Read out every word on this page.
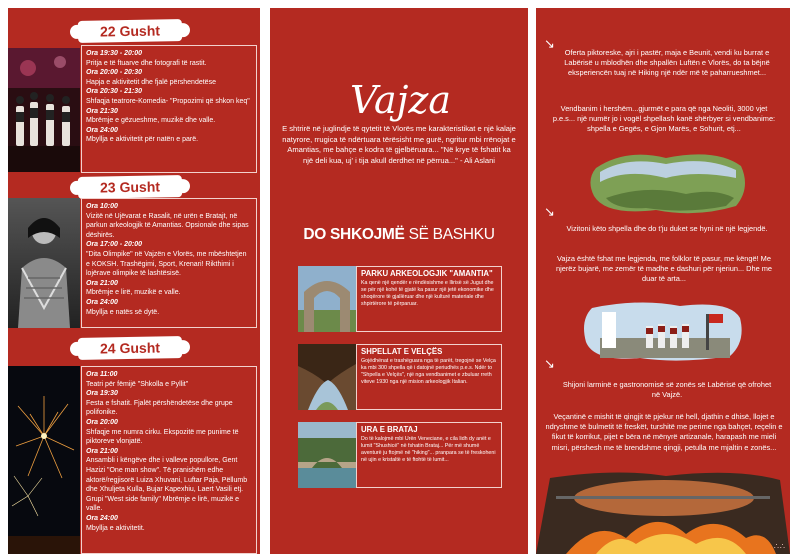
22 Gusht
Ora 19:30 - 20:00
Pritja e të ftuarve dhe fotografi të rastit.
Ora 20:00 - 20:30
Hapja e aktivitetit dhe fjalë përshendetëse
Ora 20:30 - 21:30
Shfaqja teatrore-Komedia- "Propozimi që shkon keq"
Ora 21:30
Mbrëmje e gëzueshme, muzikë dhe valle.
Ora 24:00
Mbyllja e aktivitetit për natën e parë.
23 Gusht
Ora 10:00
Vizitë në Ujëvarat e Rasalit, në urën e Bratajt, në parkun arkeologjik të Amantias. Opsionale dhe sipas dëshirës.
Ora 17:00 - 20:00
"Dita Olimpike" në Vajzën e Vlorës, me mbështetjen e KOKSH. Trashëgimi, Sport, Krenari! Rikthimi i lojërave olimpike të lashtësisë.
Ora 21:00
Mbrëmje e lirë, muzikë e valle.
Ora 24:00
Mbyllja e natës së dytë.
24 Gusht
Ora 11:00
Teatri për fëmijë "Shkolla e Pyllit"
Ora 19:30
Festa e fshatit. Fjalët përshëndetëse dhe grupe polifonike.
Ora 20:00
Shfaqje me numra cirku. Ekspozitë me punime të piktoreve vlonjatë.
Ora 21:00
Ansambli i këngëve dhe i valleve popullore, Gent Hazizi "One man show". Të pranishëm edhe aktorë/regjisorë Luiza Xhuvani, Luftar Paja, Pëllumb dhe Xhuljeta Kulla, Bujar Kapexhiu, Laert Vasili etj. Grupi "West side family" Mbrëmje e lirë, muzikë e valle.
Ora 24:00
Mbyllja e aktivitetit.
Vajza
E shtrirë në juglindje të qytetit të Vlorës me karakteristikat e një kalaje natyrore, rrugica të ndërtuara tërësisht me gurë, ngritur mbi rrënojat e Amantias, me bahçe e kodra të gjelbëruara... "Në krye të fshatit ka një deli kua, uj' i tija akull derdhet në përrua..." - Ali Aslani
DO SHKOJMË SË BASHKU
PARKU ARKEOLOGJIK "AMANTIA"
Ka qenë një qendër e rëndësishme e Ilirisë së Jugut dhe se për një kohë të gjatë ka pasur një jetë ekonomike dhe shoqërore të gjallëruar dhe një kulturë materiale dhe shpirtërore të përparuar.
SHPELLAT E VELÇËS
Gojëdhënat e trashëguara nga të parët, tregojnë se Velça ka mbi 300 shpella që i datojnë periudhës p.e.s. Ndër to "Shpella e Velçës", një nga vendbanimet e zbuluar rreth viteve 1930 nga një mision arkeologjik Italian.
URA E BRATAJ
Do të kalojmë mbi Urën Veneciane, e cila lidh dy anët e lumit "Shushicë" në fshatin Brataj... Për më shumë aventurë ju ftojmë në "hiking"... pranpara se të freskoheni në ujin e kristaltë e të ftohtë të lumit...
↘
Oferta piktoreske, ajri i pastër, maja e Beunit, vendi ku burrat e Labërisë u mblodhën dhe shpallën Luftën e Vlorës, do ta bëjnë eksperiencën tuaj në Hiking një ndër më të paharrueshmet...
Vendbanim i hershëm...gjurmët e para që nga Neoliti, 3000 vjet p.e.s... një numër jo i vogël shpellash kanë shërbyer si vendbanime: shpella e Gegës, e Gjon Marës, e Sohurit, etj...
↘
Vizitoni këto shpella dhe do t'ju duket se hyni në një legjendë.
Vajza është fshat me legjenda, me folklor të pasur, me këngë! Me njerëz bujarë, me zemër të madhe e dashuri për njeriun... Dhe me duar të arta...
↘
Shijoni larminë e gastronomisë së zonës së Labërisë që ofrohet në Vajzë.
Veçantinë e mishit të qingjit të pjekur në hell, djathin e dhisë, llojet e ndryshme të bulmetit të freskët, turshitë me perime nga bahçet, reçelin e fikut të korrikut, pijet e bëra në mënyrë artizanale, harapash me mieli misri, përshesh me të brendshme qingji, petulla me mjaltin e zonës...
∴∴
